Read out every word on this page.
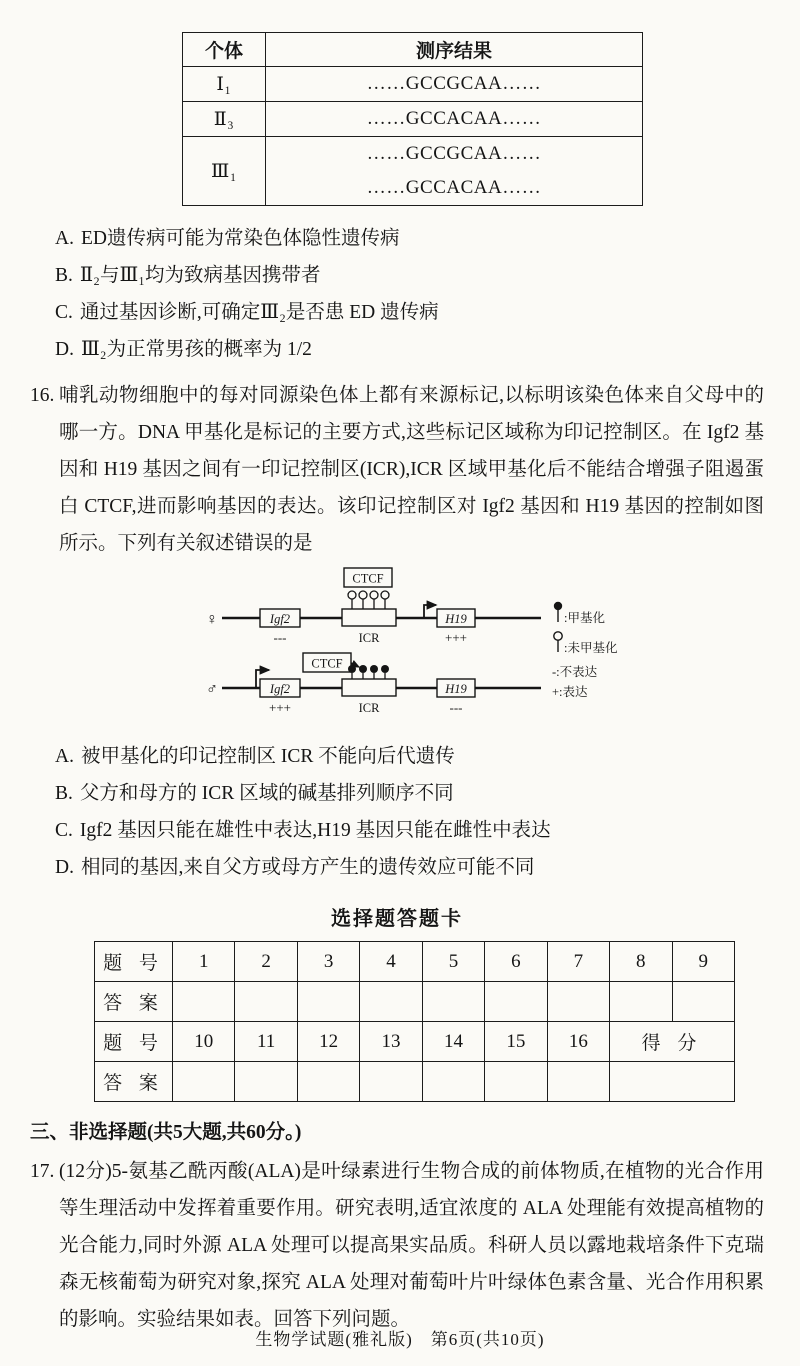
个体	测序结果
Ⅰ₁	……GCCGCAA……
Ⅱ₃	……GCCACAA……
Ⅲ₁	……GCCGCAA……
……GCCACAA……
A. ED遗传病可能为常染色体隐性遗传病
B. Ⅱ₂与Ⅲ₁均为致病基因携带者
C. 通过基因诊断,可确定Ⅲ₂是否患 ED 遗传病
D. Ⅲ₂为正常男孩的概率为 1/2
16. 哺乳动物细胞中的每对同源染色体上都有来源标记,以标明该染色体来自父母中的哪一方。DNA 甲基化是标记的主要方式,这些标记区域称为印记控制区。在 Igf2 基因和 H19 基因之间有一印记控制区(ICR),ICR 区域甲基化后不能结合增强子阻遏蛋白 CTCF,进而影响基因的表达。该印记控制区对 Igf2 基因和 H19 基因的控制如图所示。下列有关叙述错误的是
♀	Igf2
---
CTCF
ICR
H19
+++
♂	Igf2
+++
CTCF
ICR
H19
---
:甲基化
:未甲基化
-:不表达
+:表达
A. 被甲基化的印记控制区 ICR 不能向后代遗传
B. 父方和母方的 ICR 区域的碱基排列顺序不同
C. Igf2 基因只能在雄性中表达,H19 基因只能在雌性中表达
D. 相同的基因,来自父方或母方产生的遗传效应可能不同
选择题答题卡
题 号	1	2	3	4	5	6	7	8	9
答 案									
题 号	10	11	12	13	14	15	16	得 分	
答 案									
三、非选择题(共5大题,共60分。)
17. (12分)5-氨基乙酰丙酸(ALA)是叶绿素进行生物合成的前体物质,在植物的光合作用等生理活动中发挥着重要作用。研究表明,适宜浓度的 ALA 处理能有效提高植物的光合能力,同时外源 ALA 处理可以提高果实品质。科研人员以露地栽培条件下克瑞森无核葡萄为研究对象,探究 ALA 处理对葡萄叶片叶绿体色素含量、光合作用积累的影响。实验结果如表。回答下列问题。
生物学试题(雅礼版)　第6页(共10页)
